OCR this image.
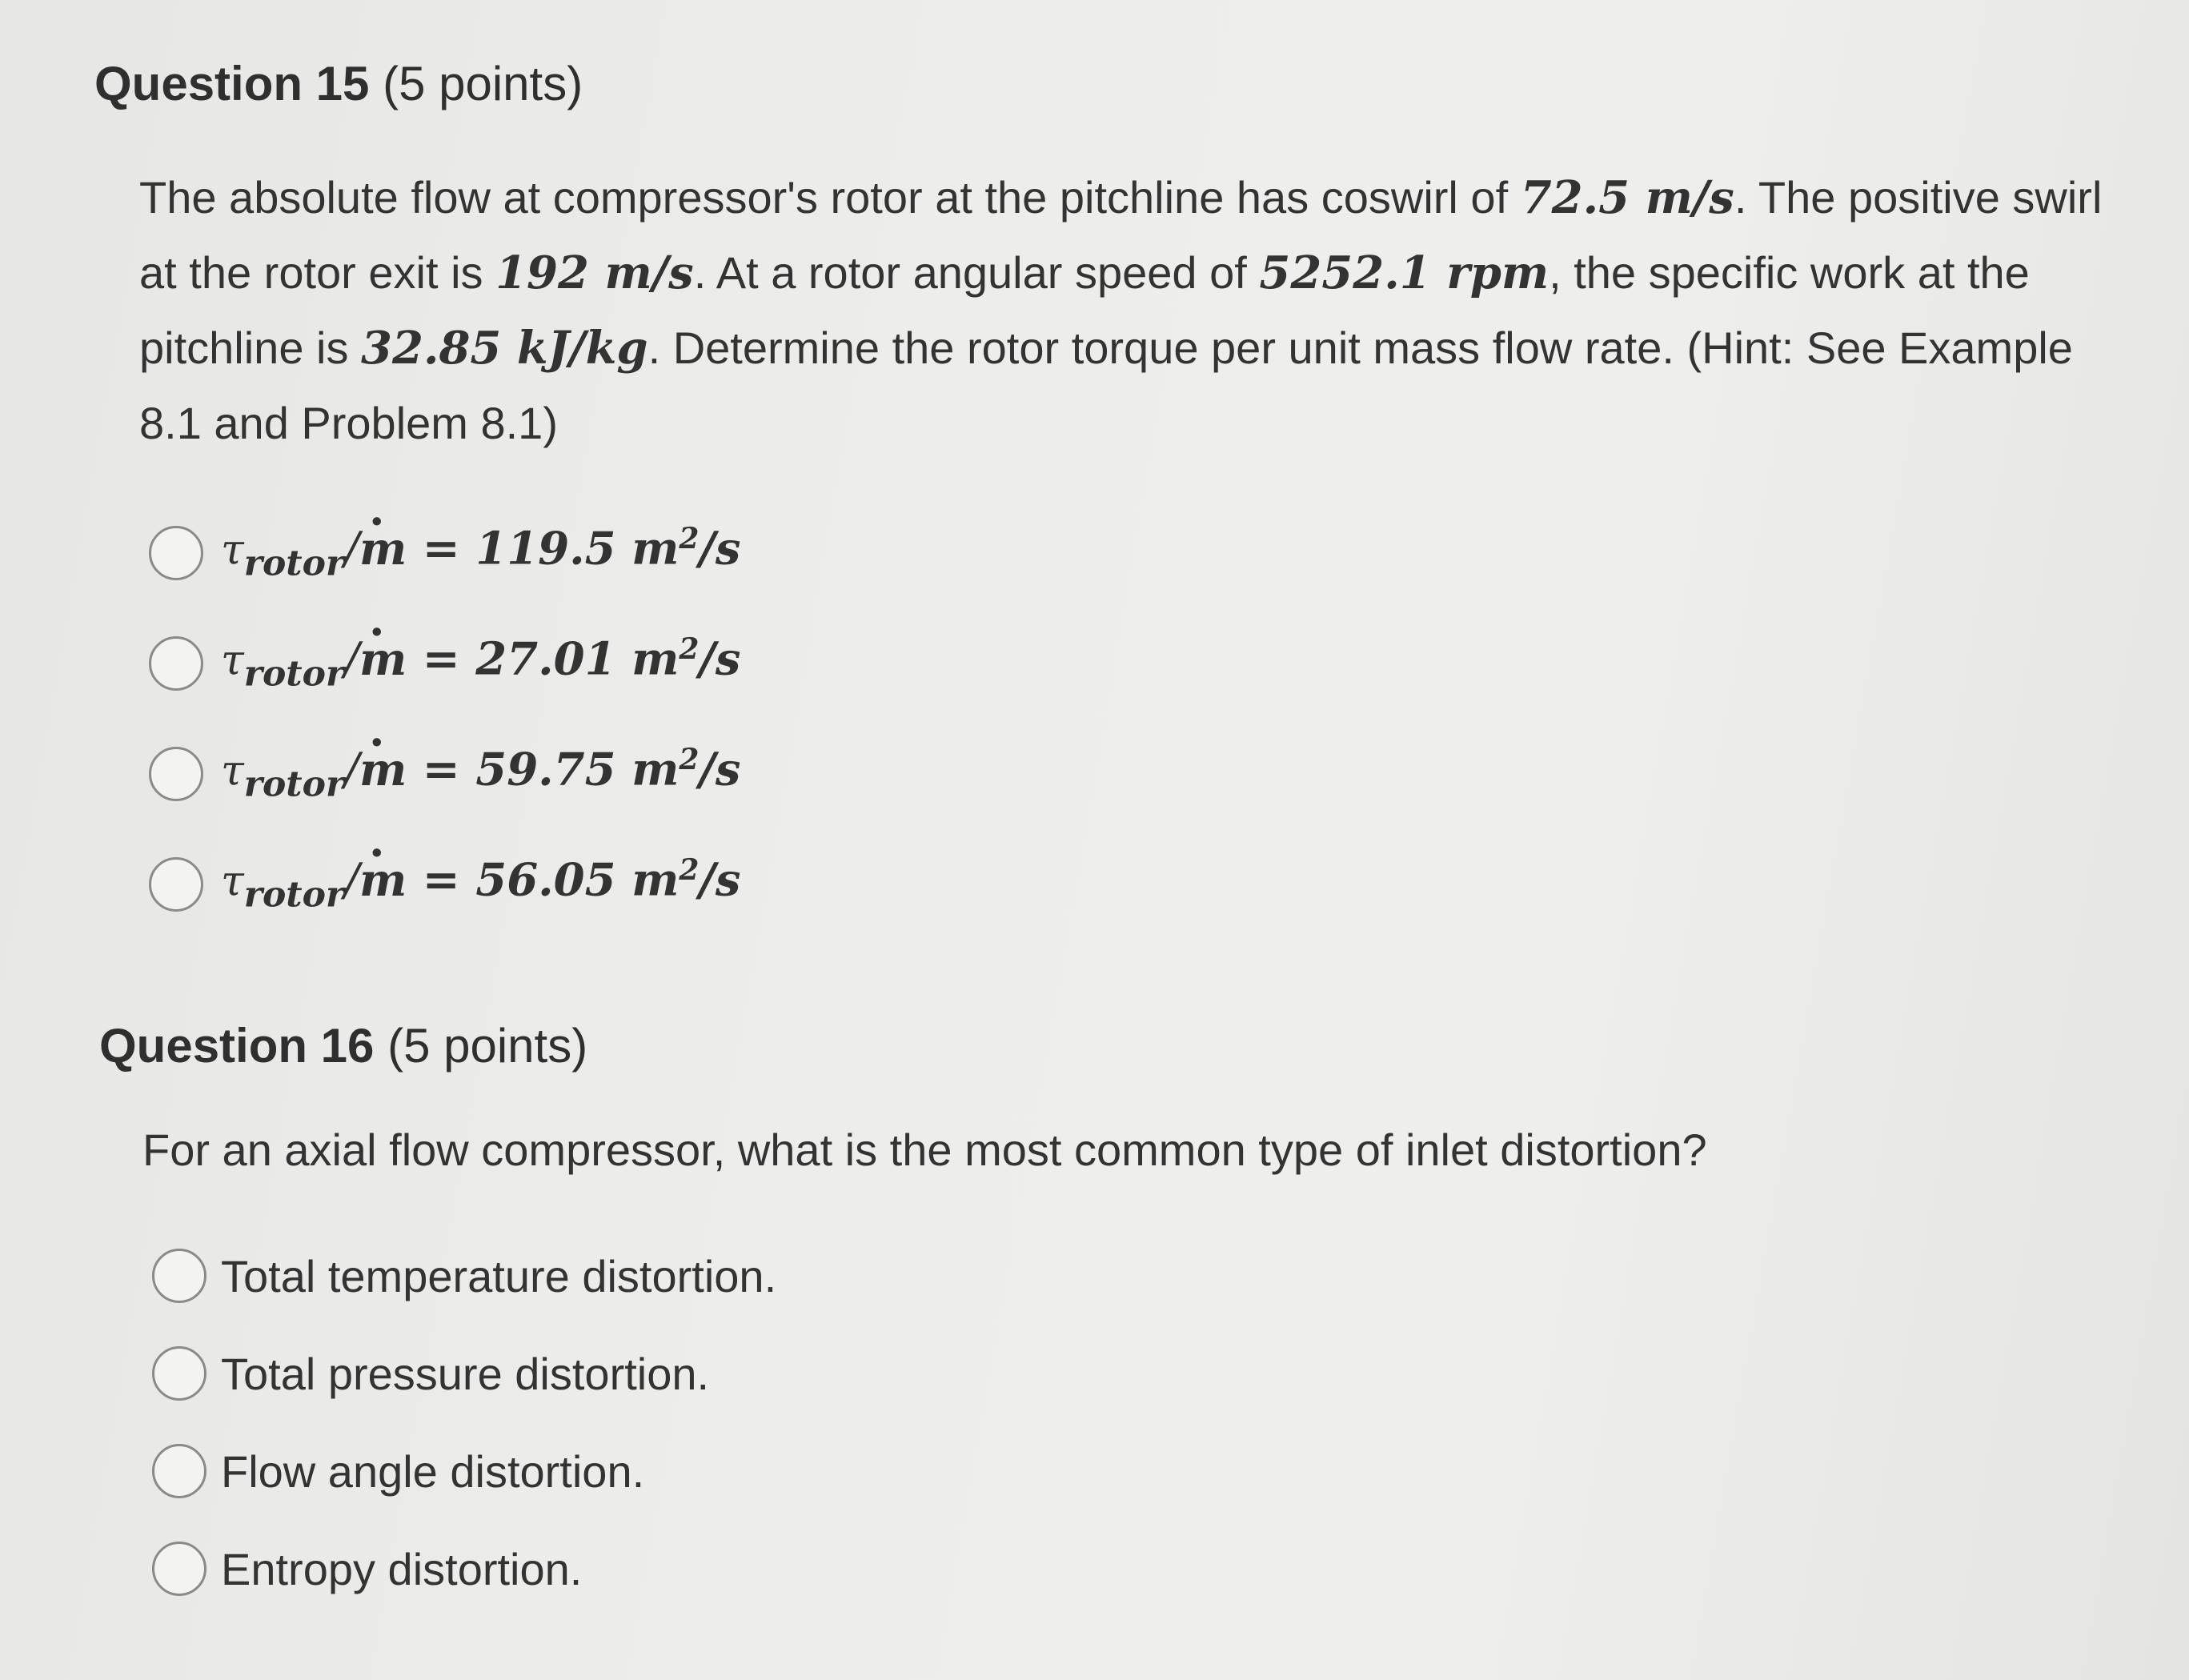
Question 15 (5 points)
The absolute flow at compressor's rotor at the pitchline has coswirl of 72.5 m/s. The positive swirl at the rotor exit is 192 m/s. At a rotor angular speed of 5252.1 rpm, the specific work at the pitchline is 32.85 kJ/kg. Determine the rotor torque per unit mass flow rate. (Hint: See Example 8.1 and Problem 8.1)
$\tau_{rotor}/\cdot m = 119.5$ $m^2/s$
$\tau_{rotor}/\cdot m = 27.01$ $m^2/s$
$\tau_{rotor}/\cdot m = 59.75$ $m^2/s$
$\tau_{rotor}/\cdot m = 56.05$ $m^2/s$
Question 16 (5 points)
For an axial flow compressor, what is the most common type of inlet distortion?
Total temperature distortion.
Total pressure distortion.
Flow angle distortion.
Entropy distortion.
